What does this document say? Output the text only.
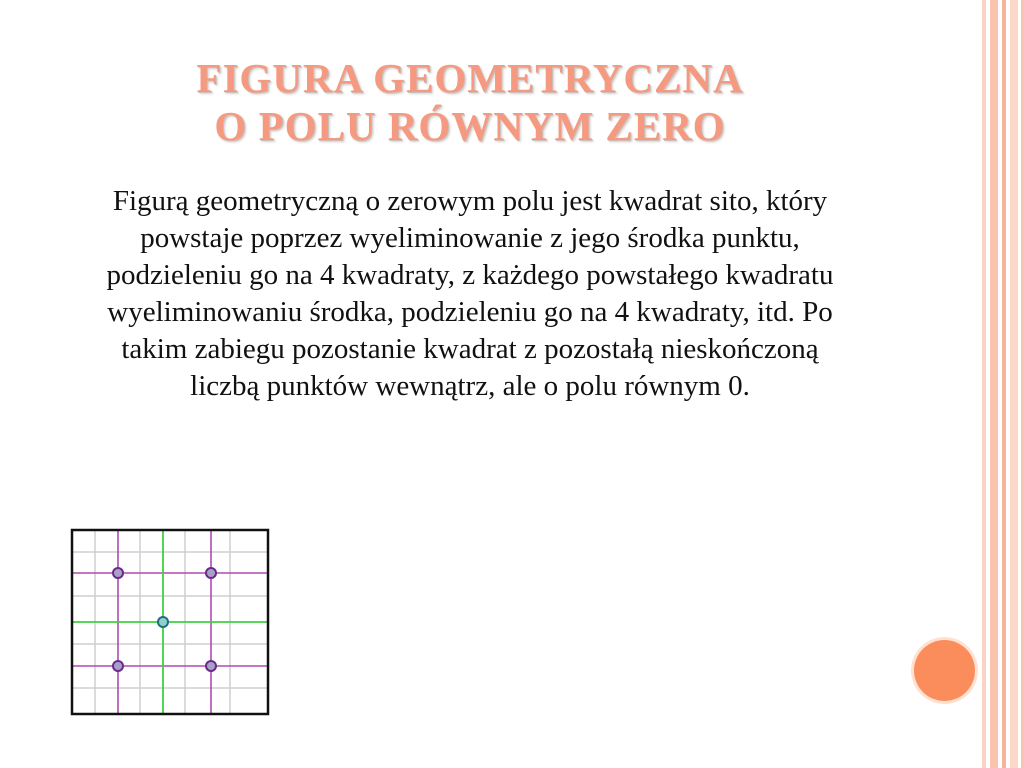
FIGURA GEOMETRYCZNA
O POLU RÓWNYM ZERO
Figurą geometryczną o zerowym polu jest kwadrat sito, który powstaje poprzez wyeliminowanie z jego środka punktu, podzieleniu go na 4 kwadraty, z każdego powstałego kwadratu wyeliminowaniu środka, podzieleniu go na 4 kwadraty, itd. Po takim zabiegu pozostanie kwadrat z pozostałą nieskończoną liczbą punktów wewnątrz, ale o polu równym 0.
